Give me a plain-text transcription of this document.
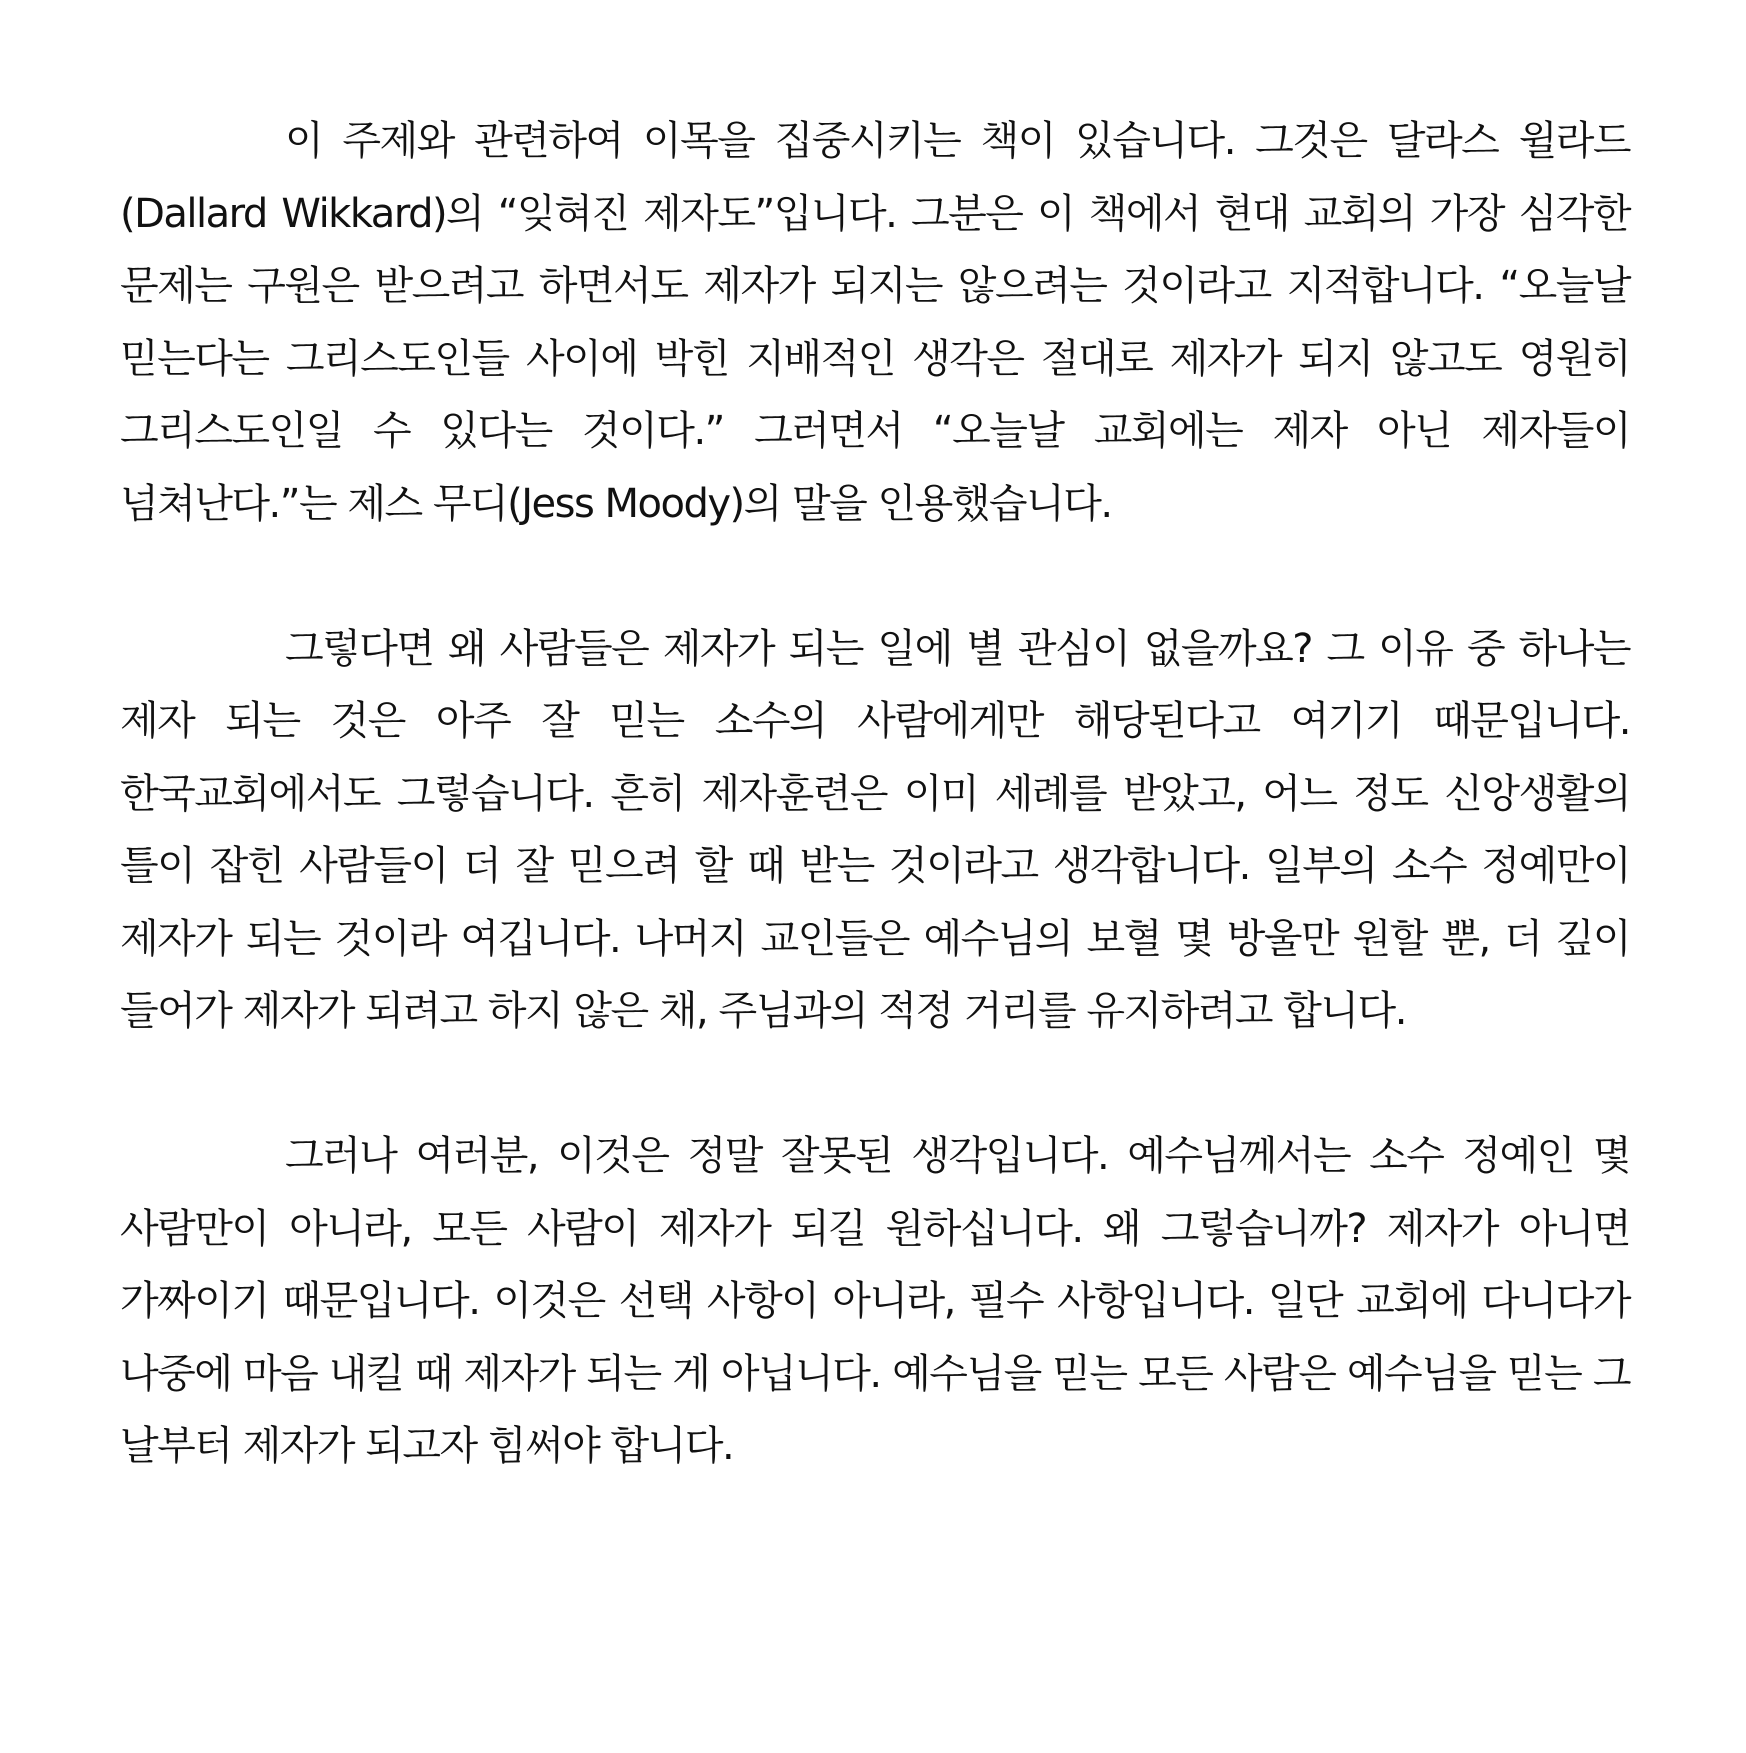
이 주제와 관련하여 이목을 집중시키는 책이 있습니다. 그것은 달라스 윌라드(Dallard Wikkard)의 “잊혀진 제자도”입니다. 그분은 이 책에서 현대 교회의 가장 심각한 문제는 구원은 받으려고 하면서도 제자가 되지는 않으려는 것이라고 지적합니다. “오늘날 믿는다는 그리스도인들 사이에 박힌 지배적인 생각은 절대로 제자가 되지 않고도 영원히 그리스도인일 수 있다는 것이다.” 그러면서 “오늘날 교회에는 제자 아닌 제자들이 넘쳐난다.”는 제스 무디(Jess Moody)의 말을 인용했습니다.

그렇다면 왜 사람들은 제자가 되는 일에 별 관심이 없을까요? 그 이유 중 하나는 제자 되는 것은 아주 잘 믿는 소수의 사람에게만 해당된다고 여기기 때문입니다. 한국교회에서도 그렇습니다. 흔히 제자훈련은 이미 세례를 받았고, 어느 정도 신앙생활의 틀이 잡힌 사람들이 더 잘 믿으려 할 때 받는 것이라고 생각합니다. 일부의 소수 정예만이 제자가 되는 것이라 여깁니다. 나머지 교인들은 예수님의 보혈 몇 방울만 원할 뿐, 더 깊이 들어가 제자가 되려고 하지 않은 채, 주님과의 적정 거리를 유지하려고 합니다.

그러나 여러분, 이것은 정말 잘못된 생각입니다. 예수님께서는 소수 정예인 몇 사람만이 아니라, 모든 사람이 제자가 되길 원하십니다. 왜 그렇습니까? 제자가 아니면 가짜이기 때문입니다. 이것은 선택 사항이 아니라, 필수 사항입니다. 일단 교회에 다니다가 나중에 마음 내킬 때 제자가 되는 게 아닙니다. 예수님을 믿는 모든 사람은 예수님을 믿는 그 날부터 제자가 되고자 힘써야 합니다.
